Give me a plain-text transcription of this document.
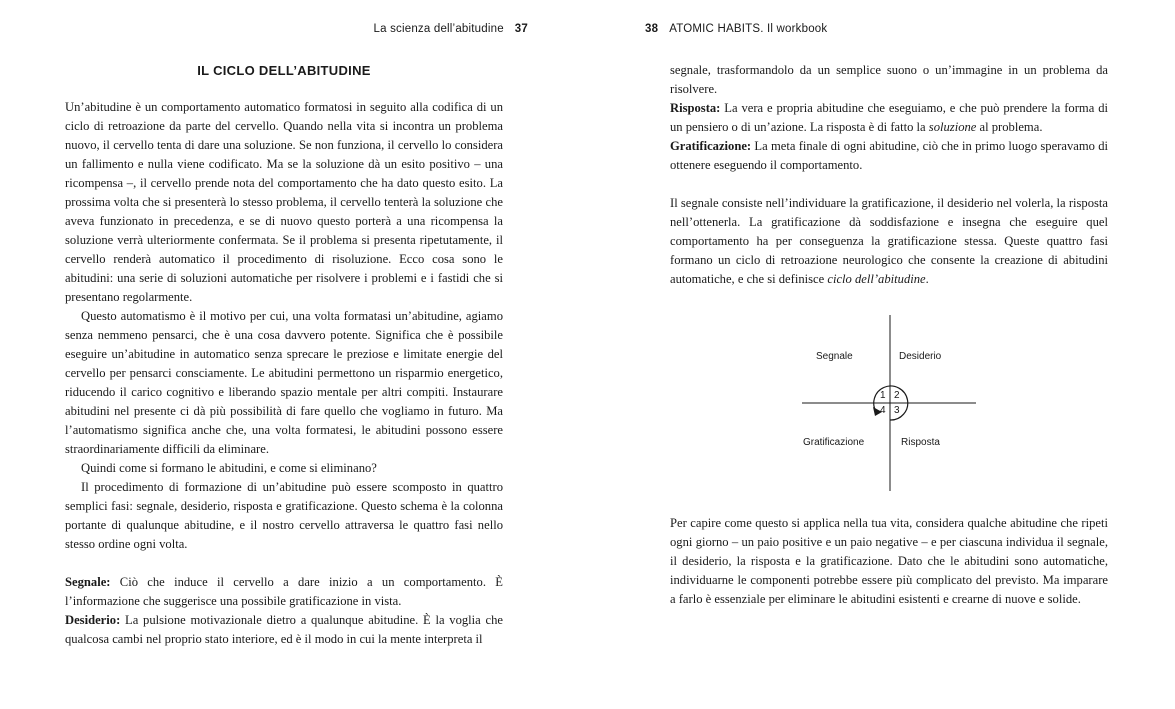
La scienza dell’abitudine 37
IL CICLO DELL’ABITUDINE

Un’abitudine è un comportamento automatico formatosi in seguito alla codifica di un ciclo di retroazione da parte del cervello. Quando nella vita si incontra un problema nuovo, il cervello tenta di dare una soluzione. Se non funziona, il cervello lo considera un fallimento e nulla viene codificato. Ma se la soluzione dà un esito positivo – una ricompensa –, il cervello prende nota del comportamento che ha dato questo esito. La prossima volta che si presenterà lo stesso problema, il cervello tenterà la soluzione che aveva funzionato in precedenza, e se di nuovo questo porterà a una ricompensa la soluzione verrà ulteriormente confermata. Se il problema si presenta ripetutamente, il cervello renderà automatico il procedimento di risoluzione. Ecco cosa sono le abitudini: una serie di soluzioni automatiche per risolvere i problemi e i fastidi che si presentano regolarmente.

Questo automatismo è il motivo per cui, una volta formatasi un’abitudine, agiamo senza nemmeno pensarci, che è una cosa davvero potente. Significa che è possibile eseguire un’abitudine in automatico senza sprecare le preziose e limitate energie del cervello per pensarci consciamente. Le abitudini permettono un risparmio energetico, riducendo il carico cognitivo e liberando spazio mentale per altri compiti. Instaurare abitudini nel presente ci dà più possibilità di fare quello che vogliamo in futuro. Ma l’automatismo significa anche che, una volta formatesi, le abitudini possono essere straordinariamente difficili da eliminare.

Quindi come si formano le abitudini, e come si eliminano?

Il procedimento di formazione di un’abitudine può essere scomposto in quattro semplici fasi: segnale, desiderio, risposta e gratificazione. Questo schema è la colonna portante di qualunque abitudine, e il nostro cervello attraversa le quattro fasi nello stesso ordine ogni volta.

Segnale: Ciò che induce il cervello a dare inizio a un comportamento. È l’informazione che suggerisce una possibile gratificazione in vista.

Desiderio: La pulsione motivazionale dietro a qualunque abitudine. È la voglia che qualcosa cambi nel proprio stato interiore, ed è il modo in cui la mente interpreta il

38 ATOMIC HABITS. Il workbook

segnale, trasformandolo da un semplice suono o un’immagine in un problema da risolvere.

Risposta: La vera e propria abitudine che eseguiamo, e che può prendere la forma di un pensiero o di un’azione. La risposta è di fatto la soluzione al problema.

Gratificazione: La meta finale di ogni abitudine, ciò che in primo luogo speravamo di ottenere eseguendo il comportamento.

Il segnale consiste nell’individuare la gratificazione, il desiderio nel volerla, la risposta nell’ottenerla. La gratificazione dà soddisfazione e insegna che eseguire quel comportamento ha per conseguenza la gratificazione stessa. Queste quattro fasi formano un ciclo di retroazione neurologico che consente la creazione di abitudini automatiche, e che si definisce ciclo dell’abitudine.

Segnale	Desiderio
Gratificazione	Risposta
1 2
3
4

Per capire come questo si applica nella tua vita, considera qualche abitudine che ripeti ogni giorno – un paio positive e un paio negative – e per ciascuna individua il segnale, il desiderio, la risposta e la gratificazione. Dato che le abitudini sono automatiche, individuarne le componenti potrebbe essere più complicato del previsto. Ma imparare a farlo è essenziale per eliminare le abitudini esistenti e crearne di nuove e solide.
